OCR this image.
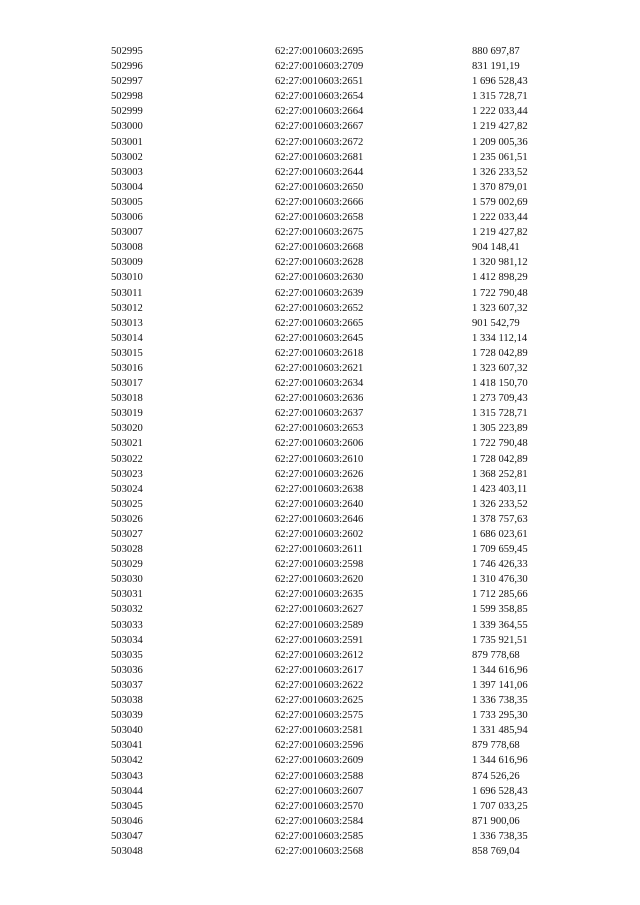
502995	62:27:0010603:2695	880 697,87
502996	62:27:0010603:2709	831 191,19
502997	62:27:0010603:2651	1 696 528,43
502998	62:27:0010603:2654	1 315 728,71
502999	62:27:0010603:2664	1 222 033,44
503000	62:27:0010603:2667	1 219 427,82
503001	62:27:0010603:2672	1 209 005,36
503002	62:27:0010603:2681	1 235 061,51
503003	62:27:0010603:2644	1 326 233,52
503004	62:27:0010603:2650	1 370 879,01
503005	62:27:0010603:2666	1 579 002,69
503006	62:27:0010603:2658	1 222 033,44
503007	62:27:0010603:2675	1 219 427,82
503008	62:27:0010603:2668	904 148,41
503009	62:27:0010603:2628	1 320 981,12
503010	62:27:0010603:2630	1 412 898,29
503011	62:27:0010603:2639	1 722 790,48
503012	62:27:0010603:2652	1 323 607,32
503013	62:27:0010603:2665	901 542,79
503014	62:27:0010603:2645	1 334 112,14
503015	62:27:0010603:2618	1 728 042,89
503016	62:27:0010603:2621	1 323 607,32
503017	62:27:0010603:2634	1 418 150,70
503018	62:27:0010603:2636	1 273 709,43
503019	62:27:0010603:2637	1 315 728,71
503020	62:27:0010603:2653	1 305 223,89
503021	62:27:0010603:2606	1 722 790,48
503022	62:27:0010603:2610	1 728 042,89
503023	62:27:0010603:2626	1 368 252,81
503024	62:27:0010603:2638	1 423 403,11
503025	62:27:0010603:2640	1 326 233,52
503026	62:27:0010603:2646	1 378 757,63
503027	62:27:0010603:2602	1 686 023,61
503028	62:27:0010603:2611	1 709 659,45
503029	62:27:0010603:2598	1 746 426,33
503030	62:27:0010603:2620	1 310 476,30
503031	62:27:0010603:2635	1 712 285,66
503032	62:27:0010603:2627	1 599 358,85
503033	62:27:0010603:2589	1 339 364,55
503034	62:27:0010603:2591	1 735 921,51
503035	62:27:0010603:2612	879 778,68
503036	62:27:0010603:2617	1 344 616,96
503037	62:27:0010603:2622	1 397 141,06
503038	62:27:0010603:2625	1 336 738,35
503039	62:27:0010603:2575	1 733 295,30
503040	62:27:0010603:2581	1 331 485,94
503041	62:27:0010603:2596	879 778,68
503042	62:27:0010603:2609	1 344 616,96
503043	62:27:0010603:2588	874 526,26
503044	62:27:0010603:2607	1 696 528,43
503045	62:27:0010603:2570	1 707 033,25
503046	62:27:0010603:2584	871 900,06
503047	62:27:0010603:2585	1 336 738,35
503048	62:27:0010603:2568	858 769,04
